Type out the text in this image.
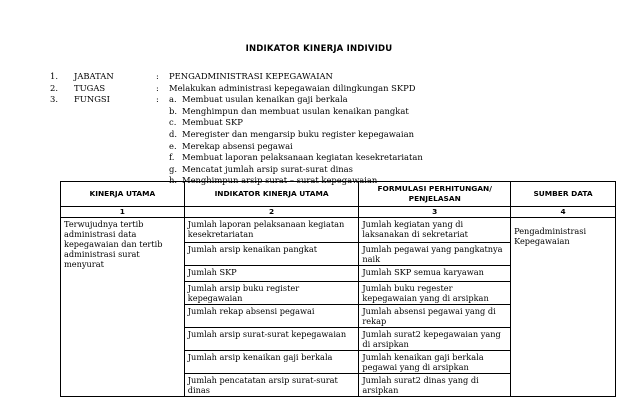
INDIKATOR KINERJA INDIVIDU
1.	JABATAN	:	PENGADMINISTRASI KEPEGAWAIAN
2.	TUGAS	:	Melakukan administrasi kepegawaian dilingkungan SKPD
3.	FUNGSI	:	a. Membuat usulan kenaikan gaji berkala
b. Menghimpun dan membuat usulan kenaikan pangkat
c. Membuat SKP
d. Meregister dan mengarsip buku register kepegawaian
e. Merekap absensi pegawai
f. Membuat laporan pelaksanaan kegiatan kesekretariatan
g. Mencatat jumlah arsip surat-surat dinas
h. Menghimpun arsip surat – surat kepegawaian
KINERJA UTAMA	INDIKATOR KINERJA UTAMA	FORMULASI PERHITUNGAN/ PENJELASAN	SUMBER DATA
1	2	3	4
Terwujudnya tertib administrasi data kepegawaian dan tertib administrasi surat menyurat	Jumlah laporan pelaksanaan kegiatan kesekretariatan	Jumlah kegiatan yang di laksanakan di sekretariat	Pengadministrasi Kepegawaian
	Jumlah arsip kenaikan pangkat	Jumlah pegawai yang pangkatnya naik	
	Jumlah SKP	Jumlah SKP semua karyawan	
	Jumlah arsip buku register kepegawaian	Jumlah buku regester kepegawaian yang di arsipkan	
	Jumlah rekap absensi pegawai	Jumlah absensi pegawai yang di rekap	
	Jumlah arsip surat-surat kepegawaian	Jumlah surat2 kepegawaian yang di arsipkan	
	Jumlah arsip kenaikan gaji berkala	Jumlah kenaikan gaji berkala pegawai yang di arsipkan	
	Jumlah pencatatan arsip surat-surat dinas	Jumlah surat2 dinas yang di arsipkan	
